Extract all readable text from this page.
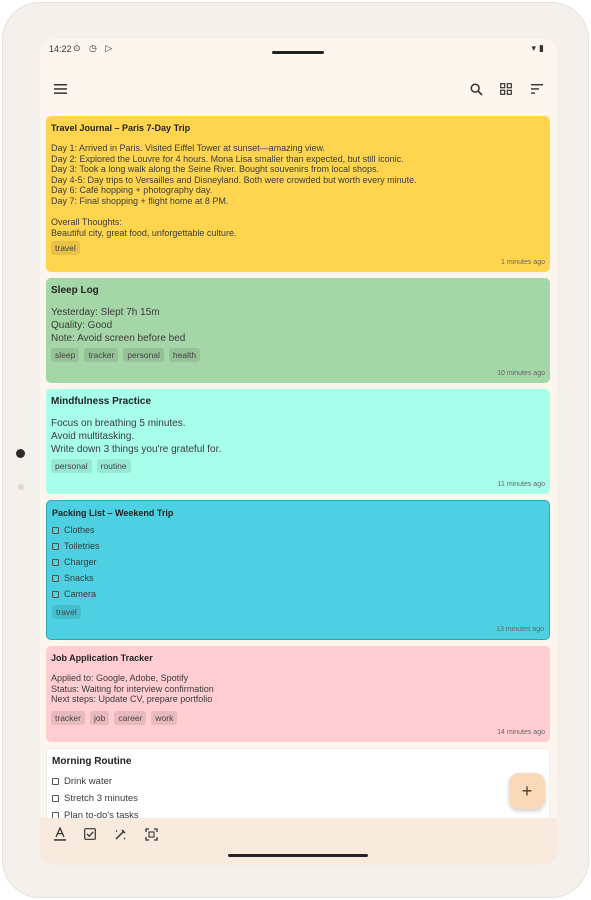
14:22 ⊙ ◷ ▷	▾▮
Travel Journal – Paris 7-Day Trip
Day 1: Arrived in Paris. Visited Eiffel Tower at sunset—amazing view.
Day 2: Explored the Louvre for 4 hours. Mona Lisa smaller than expected, but still iconic.
Day 3: Took a long walk along the Seine River. Bought souvenirs from local shops.
Day 4-5: Day trips to Versailles and Disneyland. Both were crowded but worth every minute.
Day 6: Café hopping + photography day.
Day 7: Final shopping + flight home at 8 PM.

Overall Thoughts:
Beautiful city, great food, unforgettable culture.
travel
1 minutes ago
Sleep Log
Yesterday: Slept 7h 15m
Quality: Good
Note: Avoid screen before bed
sleep	tracker	personal	health
10 minutes ago
Mindfulness Practice
Focus on breathing 5 minutes.
Avoid multitasking.
Write down 3 things you're grateful for.
personal	routine
11 minutes ago
Packing List – Weekend Trip
Clothes
Toiletries
Charger
Snacks
Camera
travel
13 minutes ago
Job Application Tracker
Applied to: Google, Adobe, Spotify
Status: Waiting for interview confirmation
Next steps: Update CV, prepare portfolio
tracker	job	career	work
14 minutes ago
Morning Routine
Drink water
Stretch 3 minutes
Plan to-do's tasks
+
